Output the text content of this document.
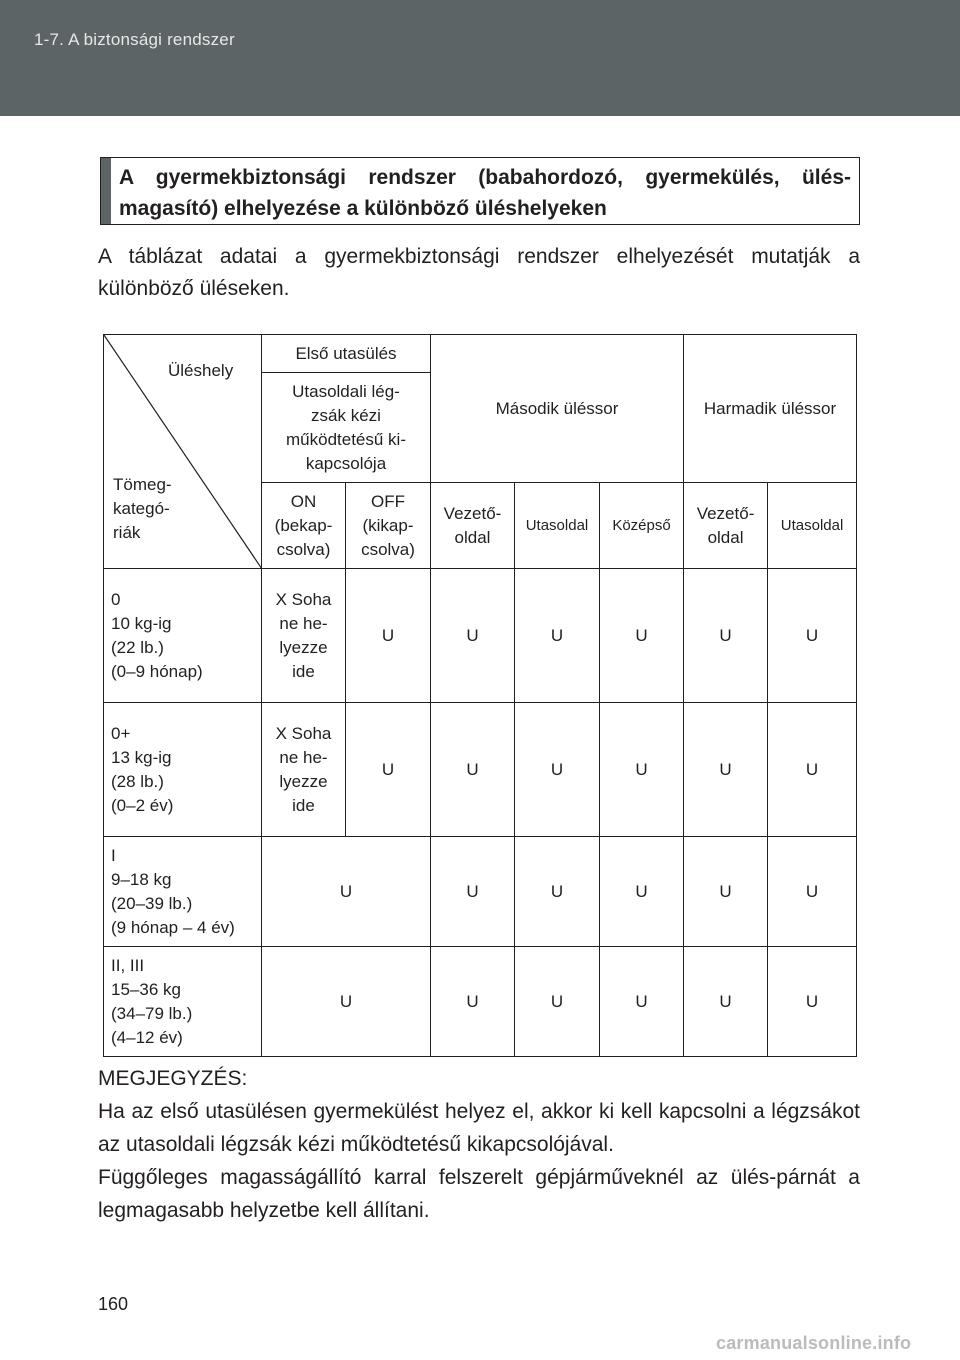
1-7. A biztonsági rendszer
A gyermekbiztonsági rendszer (babahordozó, gyermekülés, ülés-magasító) elhelyezése a különböző üléshelyeken
A táblázat adatai a gyermekbiztonsági rendszer elhelyezését mutatják a különböző üléseken.
Üléshely
Tömeg-
kategó-
riák	Első utasülés		Második üléssor			Harmadik üléssor	
	Utasoldali lég-zsák kézi működtetésű ki-kapcsolója						
	ON (bekap-csolva)	OFF (kikap-csolva)	Vezető-oldal	Utasoldal	Középső	Vezető-oldal	Utasoldal

0
10 kg-ig
(22 lb.)
(0–9 hónap)	X Soha ne he-lyezze ide	U	U	U	U	U	U

0+
13 kg-ig
(28 lb.)
(0–2 év)	X Soha ne he-lyezze ide	U	U	U	U	U	U

I
9–18 kg
(20–39 lb.)
(9 hónap – 4 év)	U		U	U	U	U	U

II, III
15–36 kg
(34–79 lb.)
(4–12 év)	U		U	U	U	U	U

MEGJEGYZÉS:

Ha az első utasülésen gyermekülést helyez el, akkor ki kell kapcsolni a légzsákot az utasoldali légzsák kézi működtetésű kikapcsolójával.

Függőleges magasságállító karral felszerelt gépjárműveknél az ülés-párnát a legmagasabb helyzetbe kell állítani.

160
carmanualsonline.info
